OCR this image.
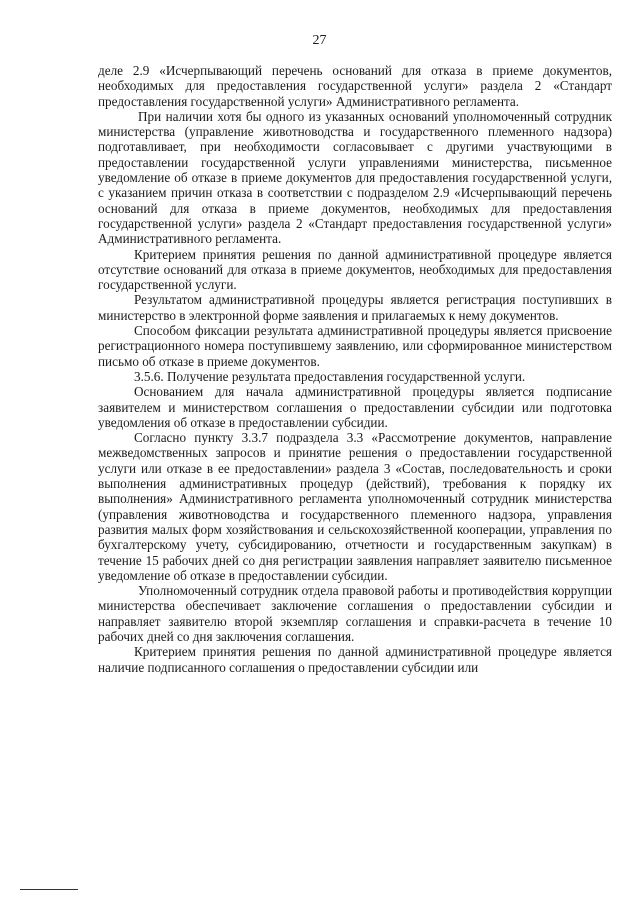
27

деле 2.9 «Исчерпывающий перечень оснований для отказа в приеме документов, необходимых для предоставления государственной услуги» раздела 2 «Стандарт предоставления государственной услуги» Административного регламента.

При наличии хотя бы одного из указанных оснований уполномоченный сотрудник министерства (управление животноводства и государственного племенного надзора) подготавливает, при необходимости согласовывает с другими участвующими в предоставлении государственной услуги управлениями министерства, письменное уведомление об отказе в приеме документов для предоставления государственной услуги, с указанием причин отказа в соответствии с подразделом 2.9 «Исчерпывающий перечень оснований для отказа в приеме документов, необходимых для предоставления государственной услуги» раздела 2 «Стандарт предоставления государственной услуги» Административного регламента.

Критерием принятия решения по данной административной процедуре является отсутствие оснований для отказа в приеме документов, необходимых для предоставления государственной услуги.

Результатом административной процедуры является регистрация поступивших в министерство в электронной форме заявления и прилагаемых к нему документов.

Способом фиксации результата административной процедуры является присвоение регистрационного номера поступившему заявлению, или сформированное министерством письмо об отказе в приеме документов.

3.5.6. Получение результата предоставления государственной услуги.

Основанием для начала административной процедуры является подписание заявителем и министерством соглашения о предоставлении субсидии или подготовка уведомления об отказе в предоставлении субсидии.

Согласно пункту 3.3.7 подраздела 3.3 «Рассмотрение документов, направление межведомственных запросов и принятие решения о предоставлении государственной услуги или отказе в ее предоставлении» раздела 3 «Состав, последовательность и сроки выполнения административных процедур (действий), требования к порядку их выполнения» Административного регламента уполномоченный сотрудник министерства (управления животноводства и государственного племенного надзора, управления развития малых форм хозяйствования и сельскохозяйственной кооперации, управления по бухгалтерскому учету, субсидированию, отчетности и государственным закупкам) в течение 15 рабочих дней со дня регистрации заявления направляет заявителю письменное уведомление об отказе в предоставлении субсидии.

Уполномоченный сотрудник отдела правовой работы и противодействия коррупции министерства обеспечивает заключение соглашения о предоставлении субсидии и направляет заявителю второй экземпляр соглашения и справки-расчета в течение 10 рабочих дней со дня заключения соглашения.

Критерием принятия решения по данной административной процедуре является наличие подписанного соглашения о предоставлении субсидии или
